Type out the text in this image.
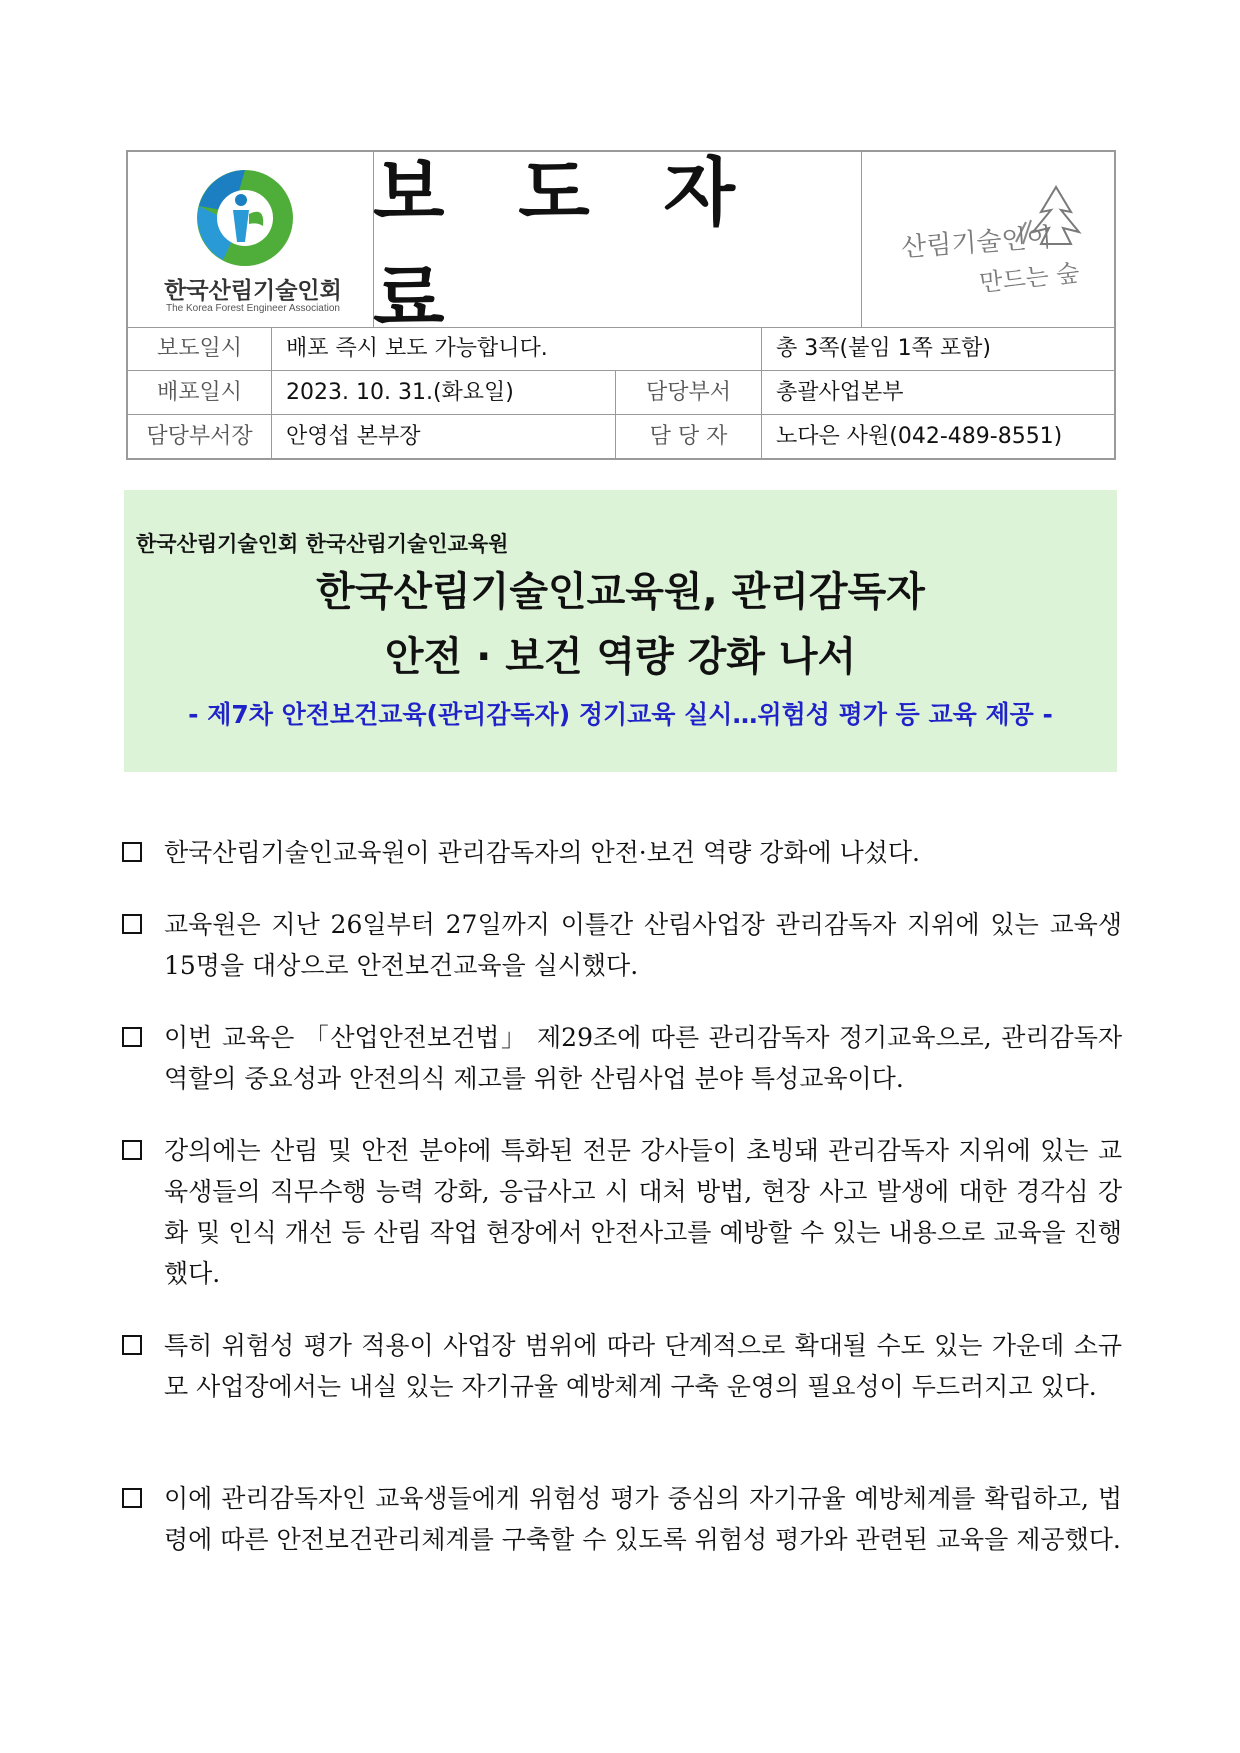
한국산림기술인회
The Korea Forest Engineer Association
보 도 자 료
산림기술인이
만드는 숲
보도일시	배포 즉시 보도 가능합니다.	총 3쪽(붙임 1쪽 포함)
배포일시	2023. 10. 31.(화요일)	담당부서	총괄사업본부
담당부서장	안영섭 본부장	담 당 자	노다은 사원(042-489-8551)
한국산림기술인회 한국산림기술인교육원
한국산림기술인교육원, 관리감독자
안전 · 보건 역량 강화 나서
- 제7차 안전보건교육(관리감독자) 정기교육 실시…위험성 평가 등 교육 제공 -
한국산림기술인교육원이 관리감독자의 안전·보건 역량 강화에 나섰다.
교육원은 지난 26일부터 27일까지 이틀간 산림사업장 관리감독자 지위에 있는 교육생 15명을 대상으로 안전보건교육을 실시했다.
이번 교육은 「산업안전보건법」 제29조에 따른 관리감독자 정기교육으로, 관리감독자 역할의 중요성과 안전의식 제고를 위한 산림사업 분야 특성교육이다.
강의에는 산림 및 안전 분야에 특화된 전문 강사들이 초빙돼 관리감독자 지위에 있는 교육생들의 직무수행 능력 강화, 응급사고 시 대처 방법, 현장 사고 발생에 대한 경각심 강화 및 인식 개선 등 산림 작업 현장에서 안전사고를 예방할 수 있는 내용으로 교육을 진행했다.
특히 위험성 평가 적용이 사업장 범위에 따라 단계적으로 확대될 수도 있는 가운데 소규모 사업장에서는 내실 있는 자기규율 예방체계 구축 운영의 필요성이 두드러지고 있다.
이에 관리감독자인 교육생들에게 위험성 평가 중심의 자기규율 예방체계를 확립하고, 법령에 따른 안전보건관리체계를 구축할 수 있도록 위험성 평가와 관련된 교육을 제공했다.
